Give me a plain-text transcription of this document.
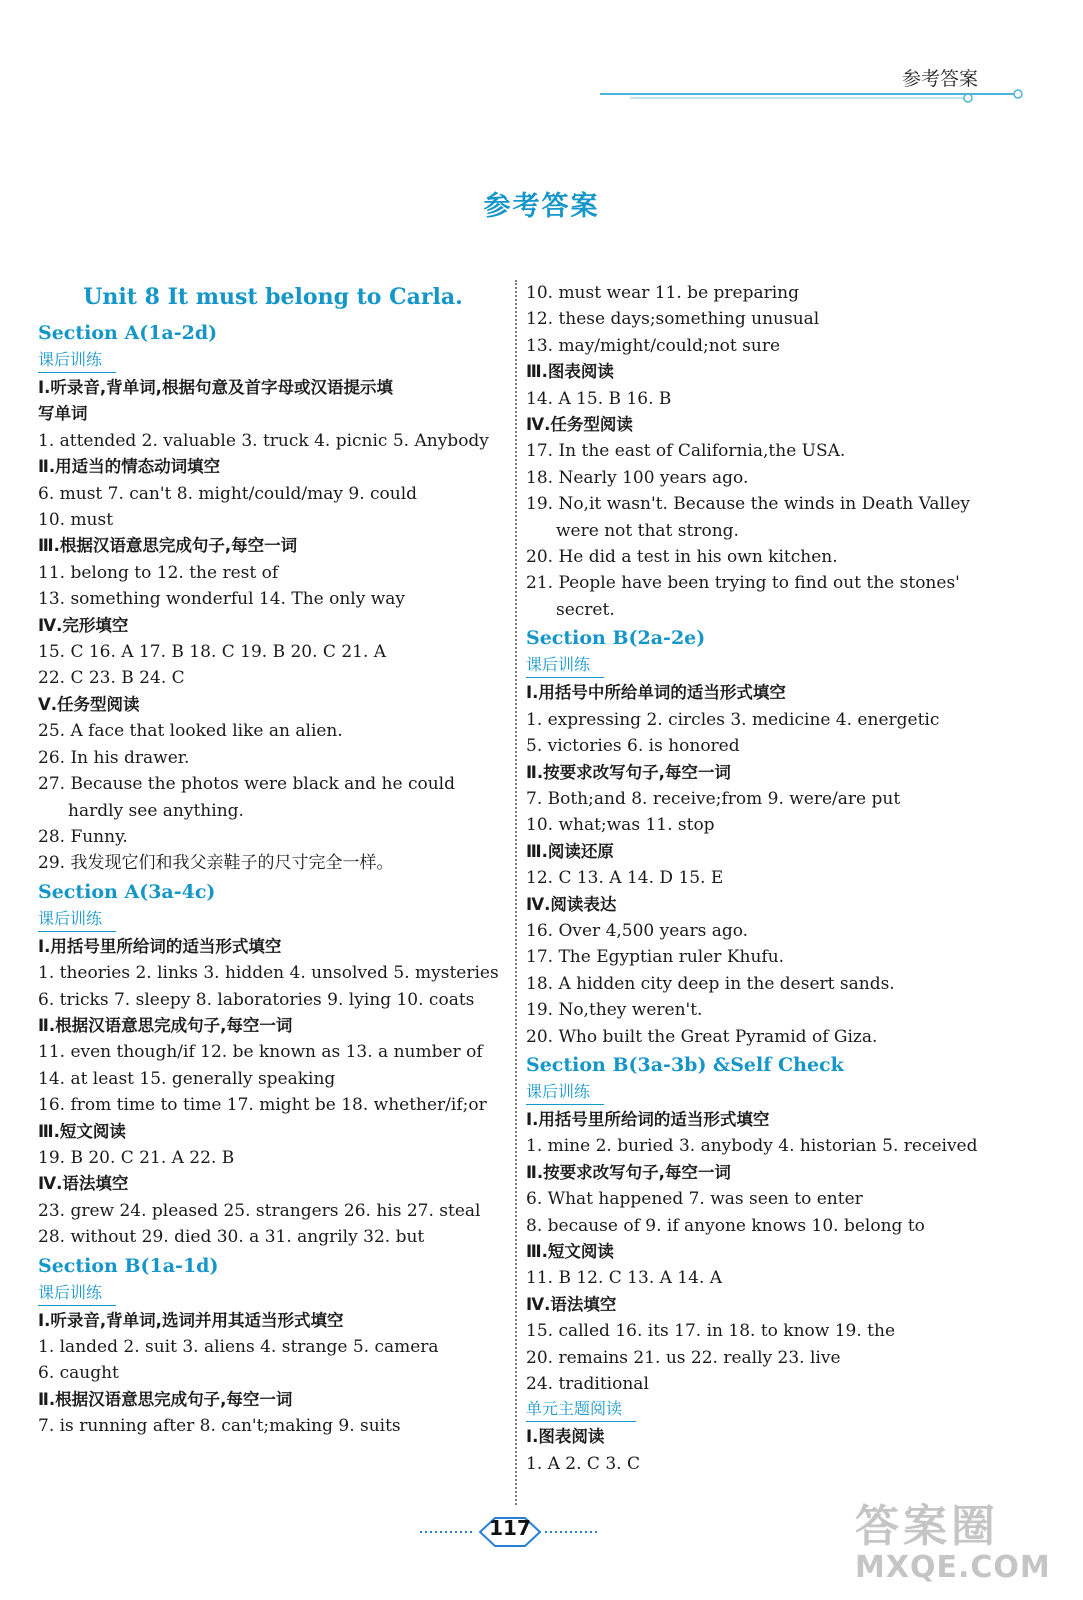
参考答案
参考答案
Unit 8 It must belong to Carla.
Section A(1a-2d)
课后训练
Ⅰ.听录音,背单词,根据句意及首字母或汉语提示填
写单词
1. attended 2. valuable 3. truck 4. picnic 5. Anybody
Ⅱ.用适当的情态动词填空
6. must 7. can't 8. might/could/may 9. could
10. must
Ⅲ.根据汉语意思完成句子,每空一词
11. belong to 12. the rest of
13. something wonderful 14. The only way
Ⅳ.完形填空
15. C 16. A 17. B 18. C 19. B 20. C 21. A
22. C 23. B 24. C
Ⅴ.任务型阅读
25. A face that looked like an alien.
26. In his drawer.
27. Because the photos were black and he could
hardly see anything.
28. Funny.
29. 我发现它们和我父亲鞋子的尺寸完全一样。
Section A(3a-4c)
课后训练
Ⅰ.用括号里所给词的适当形式填空
1. theories 2. links 3. hidden 4. unsolved 5. mysteries
6. tricks 7. sleepy 8. laboratories 9. lying 10. coats
Ⅱ.根据汉语意思完成句子,每空一词
11. even though/if 12. be known as 13. a number of
14. at least 15. generally speaking
16. from time to time 17. might be 18. whether/if;or
Ⅲ.短文阅读
19. B 20. C 21. A 22. B
Ⅳ.语法填空
23. grew 24. pleased 25. strangers 26. his 27. steal
28. without 29. died 30. a 31. angrily 32. but
Section B(1a-1d)
课后训练
Ⅰ.听录音,背单词,选词并用其适当形式填空
1. landed 2. suit 3. aliens 4. strange 5. camera
6. caught
Ⅱ.根据汉语意思完成句子,每空一词
7. is running after 8. can't;making 9. suits
10. must wear 11. be preparing
12. these days;something unusual
13. may/might/could;not sure
Ⅲ.图表阅读
14. A 15. B 16. B
Ⅳ.任务型阅读
17. In the east of California,the USA.
18. Nearly 100 years ago.
19. No,it wasn't. Because the winds in Death Valley
were not that strong.
20. He did a test in his own kitchen.
21. People have been trying to find out the stones'
secret.
Section B(2a-2e)
课后训练
Ⅰ.用括号中所给单词的适当形式填空
1. expressing 2. circles 3. medicine 4. energetic
5. victories 6. is honored
Ⅱ.按要求改写句子,每空一词
7. Both;and 8. receive;from 9. were/are put
10. what;was 11. stop
Ⅲ.阅读还原
12. C 13. A 14. D 15. E
Ⅳ.阅读表达
16. Over 4,500 years ago.
17. The Egyptian ruler Khufu.
18. A hidden city deep in the desert sands.
19. No,they weren't.
20. Who built the Great Pyramid of Giza.
Section B(3a-3b) &Self Check
课后训练
Ⅰ.用括号里所给词的适当形式填空
1. mine 2. buried 3. anybody 4. historian 5. received
Ⅱ.按要求改写句子,每空一词
6. What happened 7. was seen to enter
8. because of 9. if anyone knows 10. belong to
Ⅲ.短文阅读
11. B 12. C 13. A 14. A
Ⅳ.语法填空
15. called 16. its 17. in 18. to know 19. the
20. remains 21. us 22. really 23. live
24. traditional
单元主题阅读
Ⅰ.图表阅读
1. A 2. C 3. C
117	答案圈
MXQE.COM
